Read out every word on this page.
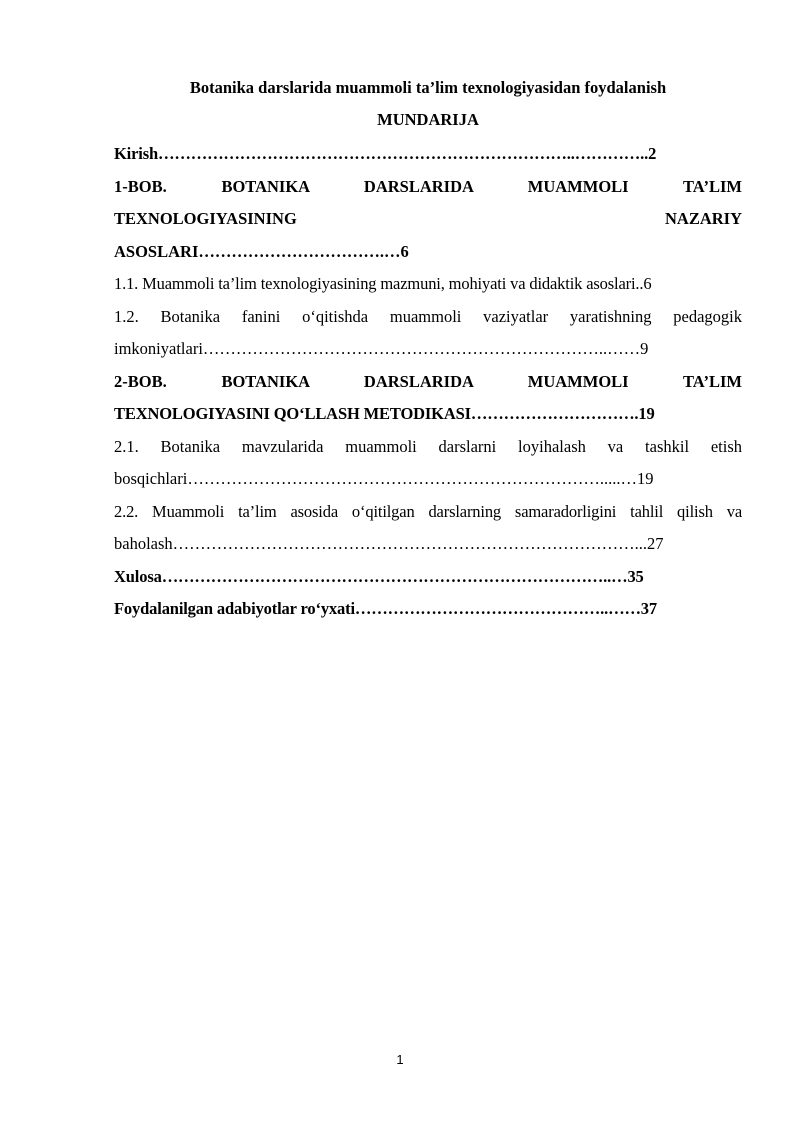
Botanika darslarida muammoli ta’lim texnologiyasidan foydalanish

MUNDARIJA

Kirish…………………………………………………………………..…………..2

1-BOB. BOTANIKA DARSLARIDA MUAMMOLI TA’LIM

TEXNOLOGIYASINING NAZARIY

ASOSLARI…………………………….…6

1.1. Muammoli ta’lim texnologiyasining mazmuni, mohiyati va didaktik asoslari..6

1.2. Botanika fanini o‘qitishda muammoli vaziyatlar yaratishning pedagogik

imkoniyatlari………………………………………………………………..……9

2-BOB. BOTANIKA DARSLARIDA MUAMMOLI TA’LIM

TEXNOLOGIYASINI QO‘LLASH METODIKASI………………………….19

2.1. Botanika mavzularida muammoli darslarni loyihalash va tashkil etish

bosqichlari………………………………………………………………….....…19

2.2. Muammoli ta’lim asosida o‘qitilgan darslarning samaradorligini tahlil qilish va

baholash…………………………………………………………………………...27

Xulosa………………………………………………………………………..…35

Foydalanilgan adabiyotlar ro‘yxati………………………………………..……37

1
